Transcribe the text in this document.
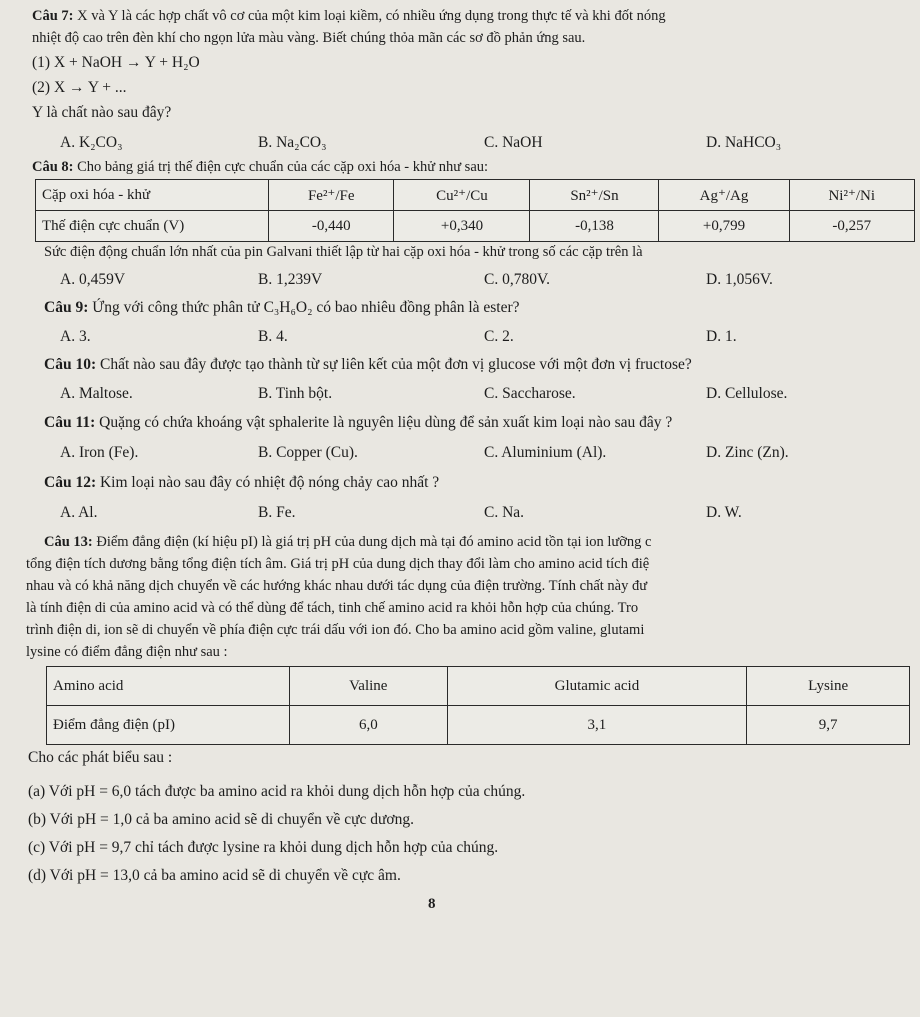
Câu 7: X và Y là các hợp chất vô cơ của một kim loại kiềm, có nhiều ứng dụng trong thực tế và khi đốt nóng
nhiệt độ cao trên đèn khí cho ngọn lửa màu vàng. Biết chúng thỏa mãn các sơ đồ phản ứng sau.
(1) X + NaOH → Y + H₂O
(2) X → Y + ...
Y là chất nào sau đây?
A. K₂CO₃	B. Na₂CO₃	C. NaOH	D. NaHCO₃
Câu 8: Cho bảng giá trị thế điện cực chuẩn của các cặp oxi hóa - khử như sau:
Cặp oxi hóa - khử	Fe²⁺/Fe	Cu²⁺/Cu	Sn²⁺/Sn	Ag⁺/Ag	Ni²⁺/Ni
Thế điện cực chuẩn (V)	-0,440	+0,340	-0,138	+0,799	-0,257
Sức điện động chuẩn lớn nhất của pin Galvani thiết lập từ hai cặp oxi hóa - khử trong số các cặp trên là
A. 0,459V	B. 1,239V	C. 0,780V.	D. 1,056V.
Câu 9: Ứng với công thức phân tử C₃H₆O₂ có bao nhiêu đồng phân là ester?
A. 3.	B. 4.	C. 2.	D. 1.
Câu 10: Chất nào sau đây được tạo thành từ sự liên kết của một đơn vị glucose với một đơn vị fructose?
A. Maltose.	B. Tinh bột.	C. Saccharose.	D. Cellulose.
Câu 11: Quặng có chứa khoáng vật sphalerite là nguyên liệu dùng để sản xuất kim loại nào sau đây ?
A. Iron (Fe).	B. Copper (Cu).	C. Aluminium (Al).	D. Zinc (Zn).
Câu 12: Kim loại nào sau đây có nhiệt độ nóng chảy cao nhất ?
A. Al.	B. Fe.	C. Na.	D. W.
Câu 13: Điểm đẳng điện (kí hiệu pI) là giá trị pH của dung dịch mà tại đó amino acid tồn tại ion lưỡng c
tổng điện tích dương bằng tổng điện tích âm. Giá trị pH của dung dịch thay đổi làm cho amino acid tích điệ
nhau và có khả năng dịch chuyển về các hướng khác nhau dưới tác dụng của điện trường. Tính chất này đư
là tính điện di của amino acid và có thể dùng để tách, tinh chế amino acid ra khỏi hỗn hợp của chúng. Tro
trình điện di, ion sẽ di chuyển về phía điện cực trái dấu với ion đó. Cho ba amino acid gồm valine, glutami
lysine có điểm đẳng điện như sau :
Amino acid	Valine	Glutamic acid	Lysine
Điểm đẳng điện (pI)	6,0	3,1	9,7
Cho các phát biểu sau :
(a) Với pH = 6,0 tách được ba amino acid ra khỏi dung dịch hỗn hợp của chúng.
(b) Với pH = 1,0 cả ba amino acid sẽ di chuyển về cực dương.
(c) Với pH = 9,7 chỉ tách được lysine ra khỏi dung dịch hỗn hợp của chúng.
(d) Với pH = 13,0 cả ba amino acid sẽ di chuyển về cực âm.
8
